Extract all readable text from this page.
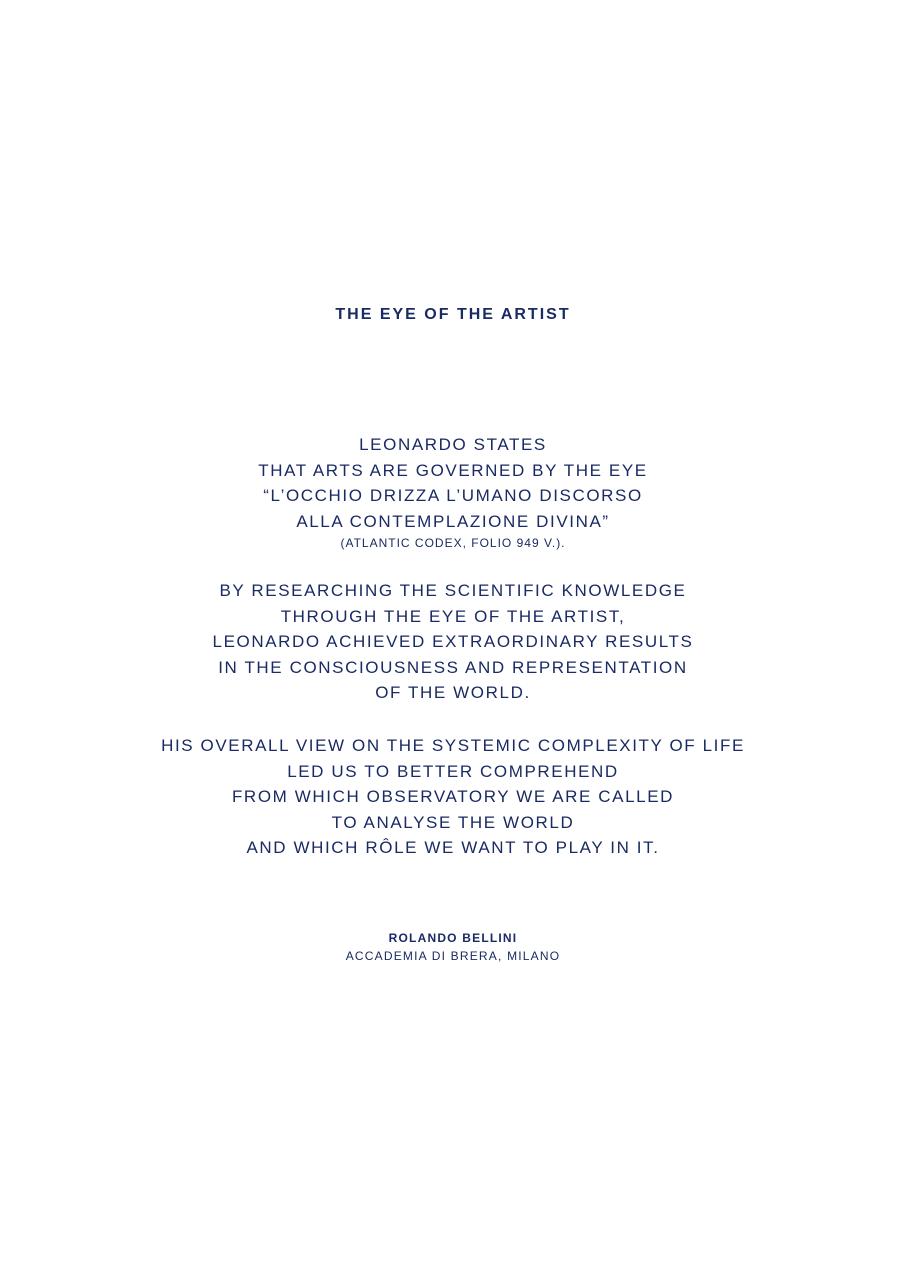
THE EYE OF THE ARTIST
LEONARDO STATES
THAT ARTS ARE GOVERNED BY THE EYE
“L’OCCHIO DRIZZA L’UMANO DISCORSO
ALLA CONTEMPLAZIONE DIVINA”
(ATLANTIC CODEX, FOLIO 949 V.).
BY RESEARCHING THE SCIENTIFIC KNOWLEDGE
THROUGH THE EYE OF THE ARTIST,
LEONARDO ACHIEVED EXTRAORDINARY RESULTS
IN THE CONSCIOUSNESS AND REPRESENTATION
OF THE WORLD.
HIS OVERALL VIEW ON THE SYSTEMIC COMPLEXITY OF LIFE
LED US TO BETTER COMPREHEND
FROM WHICH OBSERVATORY WE ARE CALLED
TO ANALYSE THE WORLD
AND WHICH RÔLE WE WANT TO PLAY IN IT.
ROLANDO BELLINI
ACCADEMIA DI BRERA, MILANO
